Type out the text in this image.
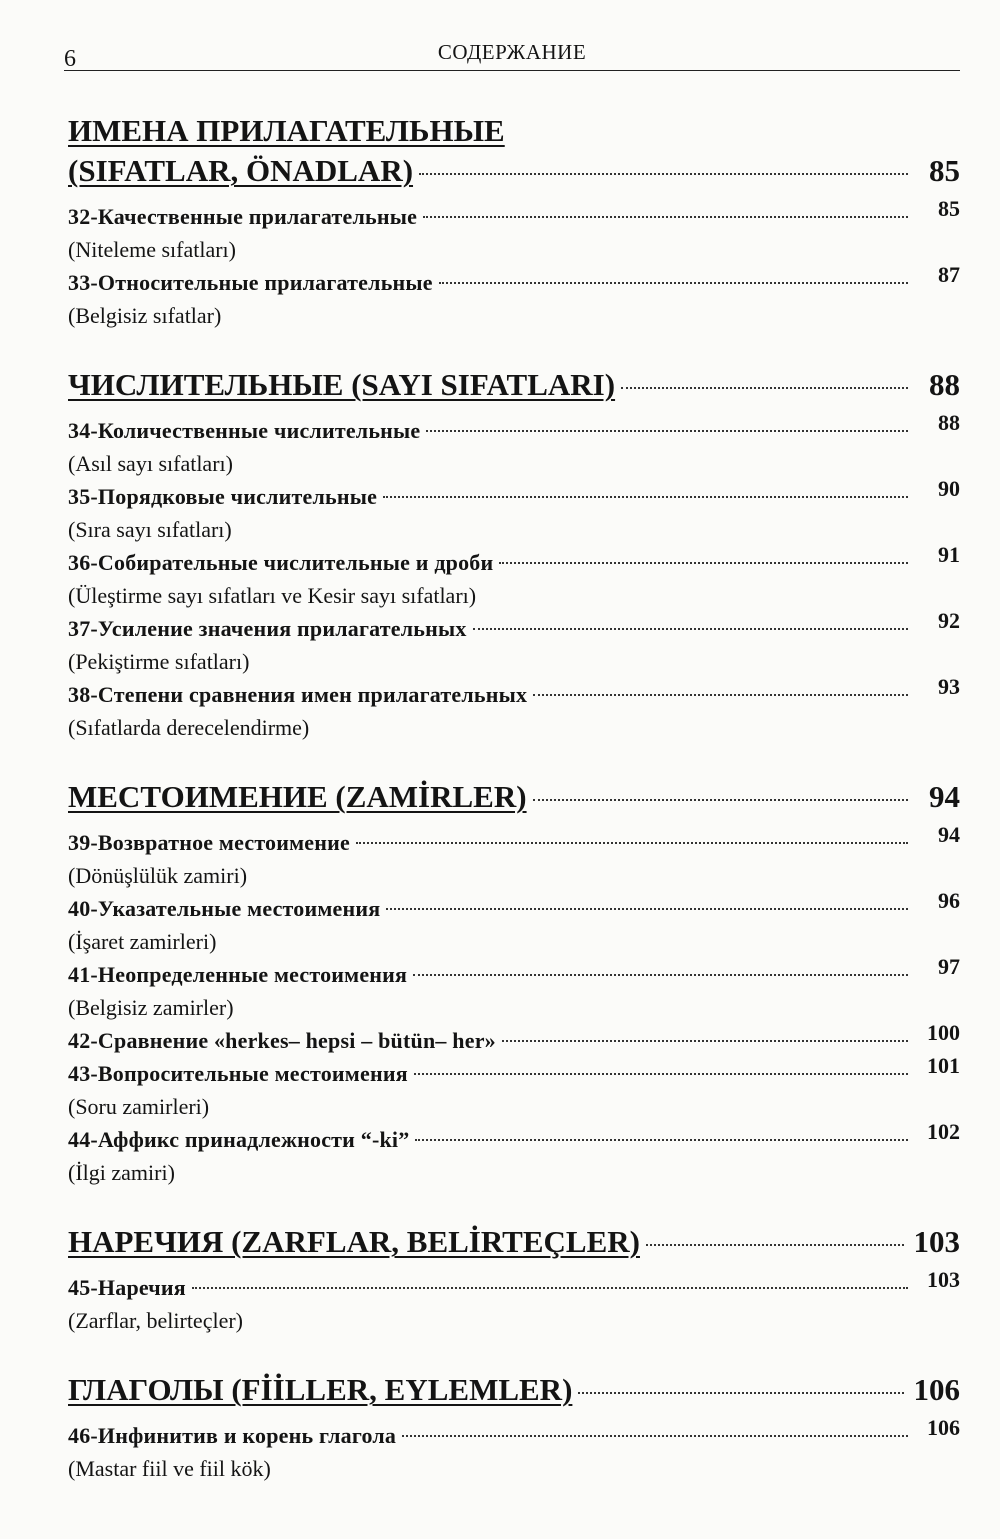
6	СОДЕРЖАНИЕ
ИМЕНА ПРИЛАГАТЕЛЬНЫЕ
(SIFATLAR, ÖNADLAR)	85
32-Качественные прилагательные	85
(Niteleme sıfatları)
33-Относительные прилагательные	87
(Belgisiz sıfatlar)
ЧИСЛИТЕЛЬНЫЕ (SAYI SIFATLARI)	88
34-Количественные числительные	88
(Asıl sayı sıfatları)
35-Порядковые числительные	90
(Sıra sayı sıfatları)
36-Собирательные числительные и дроби	91
(Üleştirme sayı sıfatları ve Kesir sayı sıfatları)
37-Усиление значения прилагательных	92
(Pekiştirme sıfatları)
38-Степени сравнения имен прилагательных	93
(Sıfatlarda derecelendirme)
МЕСТОИМЕНИЕ (ZAMİRLER)	94
39-Возвратное местоимение	94
(Dönüşlülük zamiri)
40-Указательные местоимения	96
(İşaret zamirleri)
41-Неопределенные местоимения	97
(Belgisiz zamirler)
42-Сравнение «herkes– hepsi – bütün– her»	100
43-Вопросительные местоимения	101
(Soru zamirleri)
44-Аффикс принадлежности “-ki”	102
(İlgi zamiri)
НАРЕЧИЯ (ZARFLAR, BELİRTEÇLER)	103
45-Наречия	103
(Zarflar, belirteçler)
ГЛАГОЛЫ (FİİLLER, EYLEMLER)	106
46-Инфинитив и корень глагола	106
(Mastar fiil ve fiil kök)
